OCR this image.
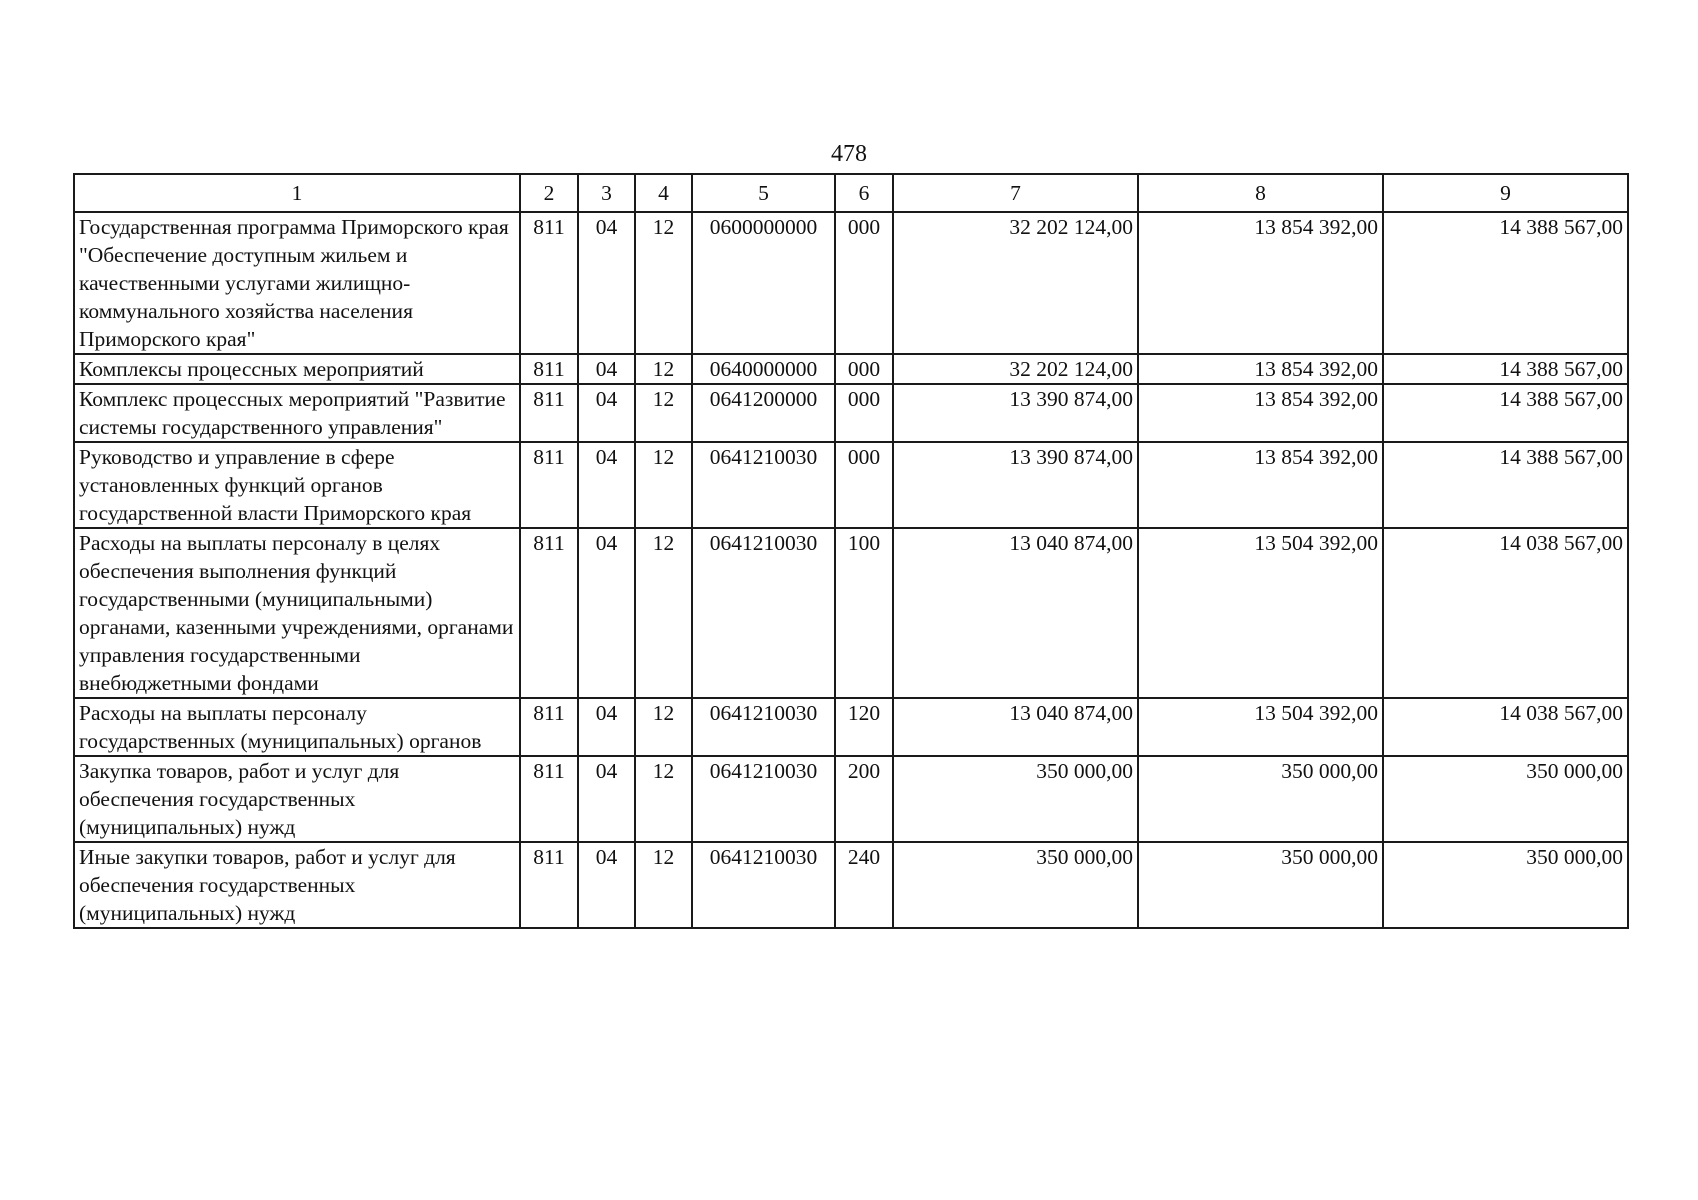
478
1	2	3	4	5	6	7	8	9
Государственная программа Приморского края "Обеспечение доступным жильем и качественными услугами жилищно-коммунального хозяйства населения Приморского края"	811	04	12	0600000000	000	32 202 124,00	13 854 392,00	14 388 567,00
Комплексы процессных мероприятий	811	04	12	0640000000	000	32 202 124,00	13 854 392,00	14 388 567,00
Комплекс процессных мероприятий "Развитие системы государственного управления"	811	04	12	0641200000	000	13 390 874,00	13 854 392,00	14 388 567,00
Руководство и управление в сфере установленных функций органов государственной власти Приморского края	811	04	12	0641210030	000	13 390 874,00	13 854 392,00	14 388 567,00
Расходы на выплаты персоналу в целях обеспечения выполнения функций государственными (муниципальными) органами, казенными учреждениями, органами управления государственными внебюджетными фондами	811	04	12	0641210030	100	13 040 874,00	13 504 392,00	14 038 567,00
Расходы на выплаты персоналу государственных (муниципальных) органов	811	04	12	0641210030	120	13 040 874,00	13 504 392,00	14 038 567,00
Закупка товаров, работ и услуг для обеспечения государственных (муниципальных) нужд	811	04	12	0641210030	200	350 000,00	350 000,00	350 000,00
Иные закупки товаров, работ и услуг для обеспечения государственных (муниципальных) нужд	811	04	12	0641210030	240	350 000,00	350 000,00	350 000,00
